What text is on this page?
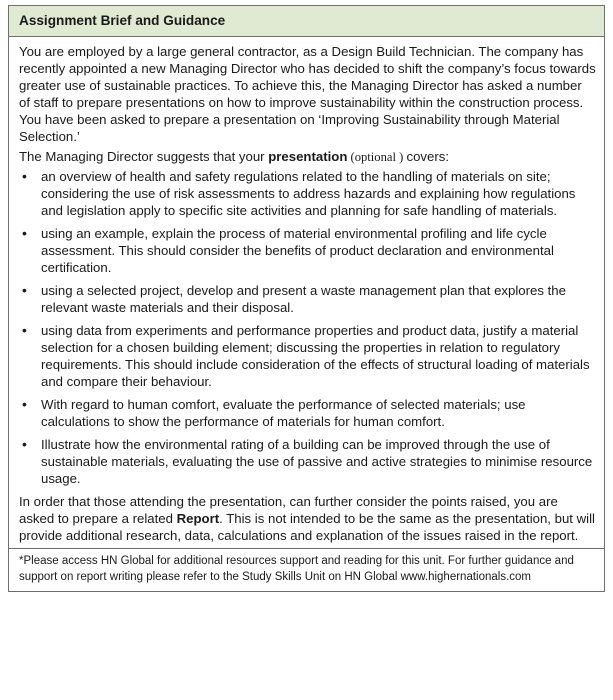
Assignment Brief and Guidance

You are employed by a large general contractor, as a Design Build Technician. The company has recently appointed a new Managing Director who has decided to shift the company’s focus towards greater use of sustainable practices. To achieve this, the Managing Director has asked a number of staff to prepare presentations on how to improve sustainability within the construction process. You have been asked to prepare a presentation on ‘Improving Sustainability through Material Selection.’

The Managing Director suggests that your presentation (optional ) covers:

• an overview of health and safety regulations related to the handling of materials on site; considering the use of risk assessments to address hazards and explaining how regulations and legislation apply to specific site activities and planning for safe handling of materials.
• using an example, explain the process of material environmental profiling and life cycle assessment. This should consider the benefits of product declaration and environmental certification.
• using a selected project, develop and present a waste management plan that explores the relevant waste materials and their disposal.
• using data from experiments and performance properties and product data, justify a material selection for a chosen building element; discussing the properties in relation to regulatory requirements. This should include consideration of the effects of structural loading of materials and compare their behaviour.
• With regard to human comfort, evaluate the performance of selected materials; use calculations to show the performance of materials for human comfort.
• Illustrate how the environmental rating of a building can be improved through the use of sustainable materials, evaluating the use of passive and active strategies to minimise resource usage.

In order that those attending the presentation, can further consider the points raised, you are asked to prepare a related Report. This is not intended to be the same as the presentation, but will provide additional research, data, calculations and explanation of the issues raised in the report.

*Please access HN Global for additional resources support and reading for this unit. For further guidance and support on report writing please refer to the Study Skills Unit on HN Global www.highernationals.com
